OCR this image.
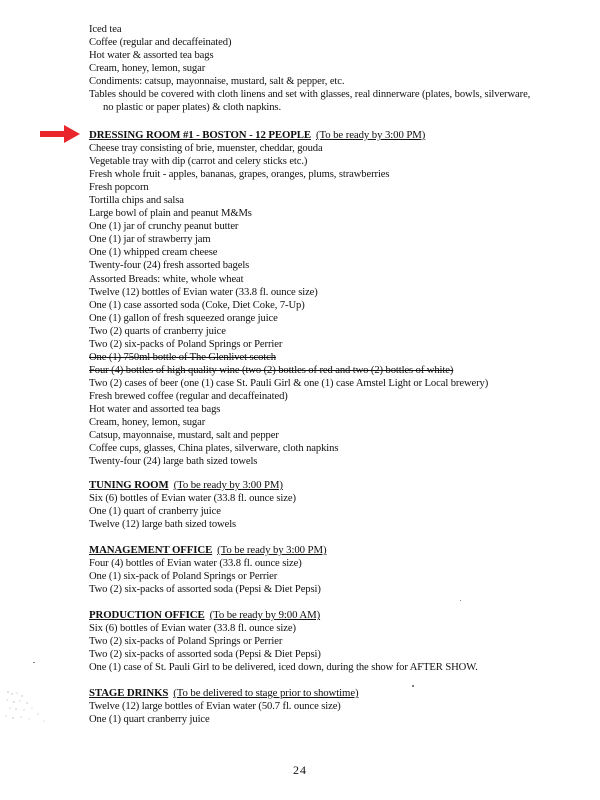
Iced tea
Coffee (regular and decaffeinated)
Hot water & assorted tea bags
Cream, honey, lemon, sugar
Condiments: catsup, mayonnaise, mustard, salt & pepper, etc.
Tables should be covered with cloth linens and set with glasses, real dinnerware (plates, bowls, silverware,
no plastic or paper plates) & cloth napkins.
DRESSING ROOM #1 - BOSTON - 12 PEOPLE (To be ready by 3:00 PM)
Cheese tray consisting of brie, muenster, cheddar, gouda
Vegetable tray with dip (carrot and celery sticks etc.)
Fresh whole fruit - apples, bananas, grapes, oranges, plums, strawberries
Fresh popcorn
Tortilla chips and salsa
Large bowl of plain and peanut M&Ms
One (1) jar of crunchy peanut butter
One (1) jar of strawberry jam
One (1) whipped cream cheese
Twenty-four (24) fresh assorted bagels
Assorted Breads: white, whole wheat
Twelve (12) bottles of Evian water (33.8 fl. ounce size)
One (1) case assorted soda (Coke, Diet Coke, 7-Up)
One (1) gallon of fresh squeezed orange juice
Two (2) quarts of cranberry juice
Two (2) six-packs of Poland Springs or Perrier
One (1) 750ml bottle of The Glenlivet scotch
Four (4) bottles of high quality wine (two (2) bottles of red and two (2) bottles of white)
Two (2) cases of beer (one (1) case St. Pauli Girl & one (1) case Amstel Light or Local brewery)
Fresh brewed coffee (regular and decaffeinated)
Hot water and assorted tea bags
Cream, honey, lemon, sugar
Catsup, mayonnaise, mustard, salt and pepper
Coffee cups, glasses, China plates, silverware, cloth napkins
Twenty-four (24) large bath sized towels
TUNING ROOM (To be ready by 3:00 PM)
Six (6) bottles of Evian water (33.8 fl. ounce size)
One (1) quart of cranberry juice
Twelve (12) large bath sized towels
MANAGEMENT OFFICE (To be ready by 3:00 PM)
Four (4) bottles of Evian water (33.8 fl. ounce size)
One (1) six-pack of Poland Springs or Perrier
Two (2) six-packs of assorted soda (Pepsi & Diet Pepsi)
PRODUCTION OFFICE (To be ready by 9:00 AM)
Six (6) bottles of Evian water (33.8 fl. ounce size)
Two (2) six-packs of Poland Springs or Perrier
Two (2) six-packs of assorted soda (Pepsi & Diet Pepsi)
One (1) case of St. Pauli Girl to be delivered, iced down, during the show for AFTER SHOW.
STAGE DRINKS (To be delivered to stage prior to showtime)
Twelve (12) large bottles of Evian water (50.7 fl. ounce size)
One (1) quart cranberry juice
24
